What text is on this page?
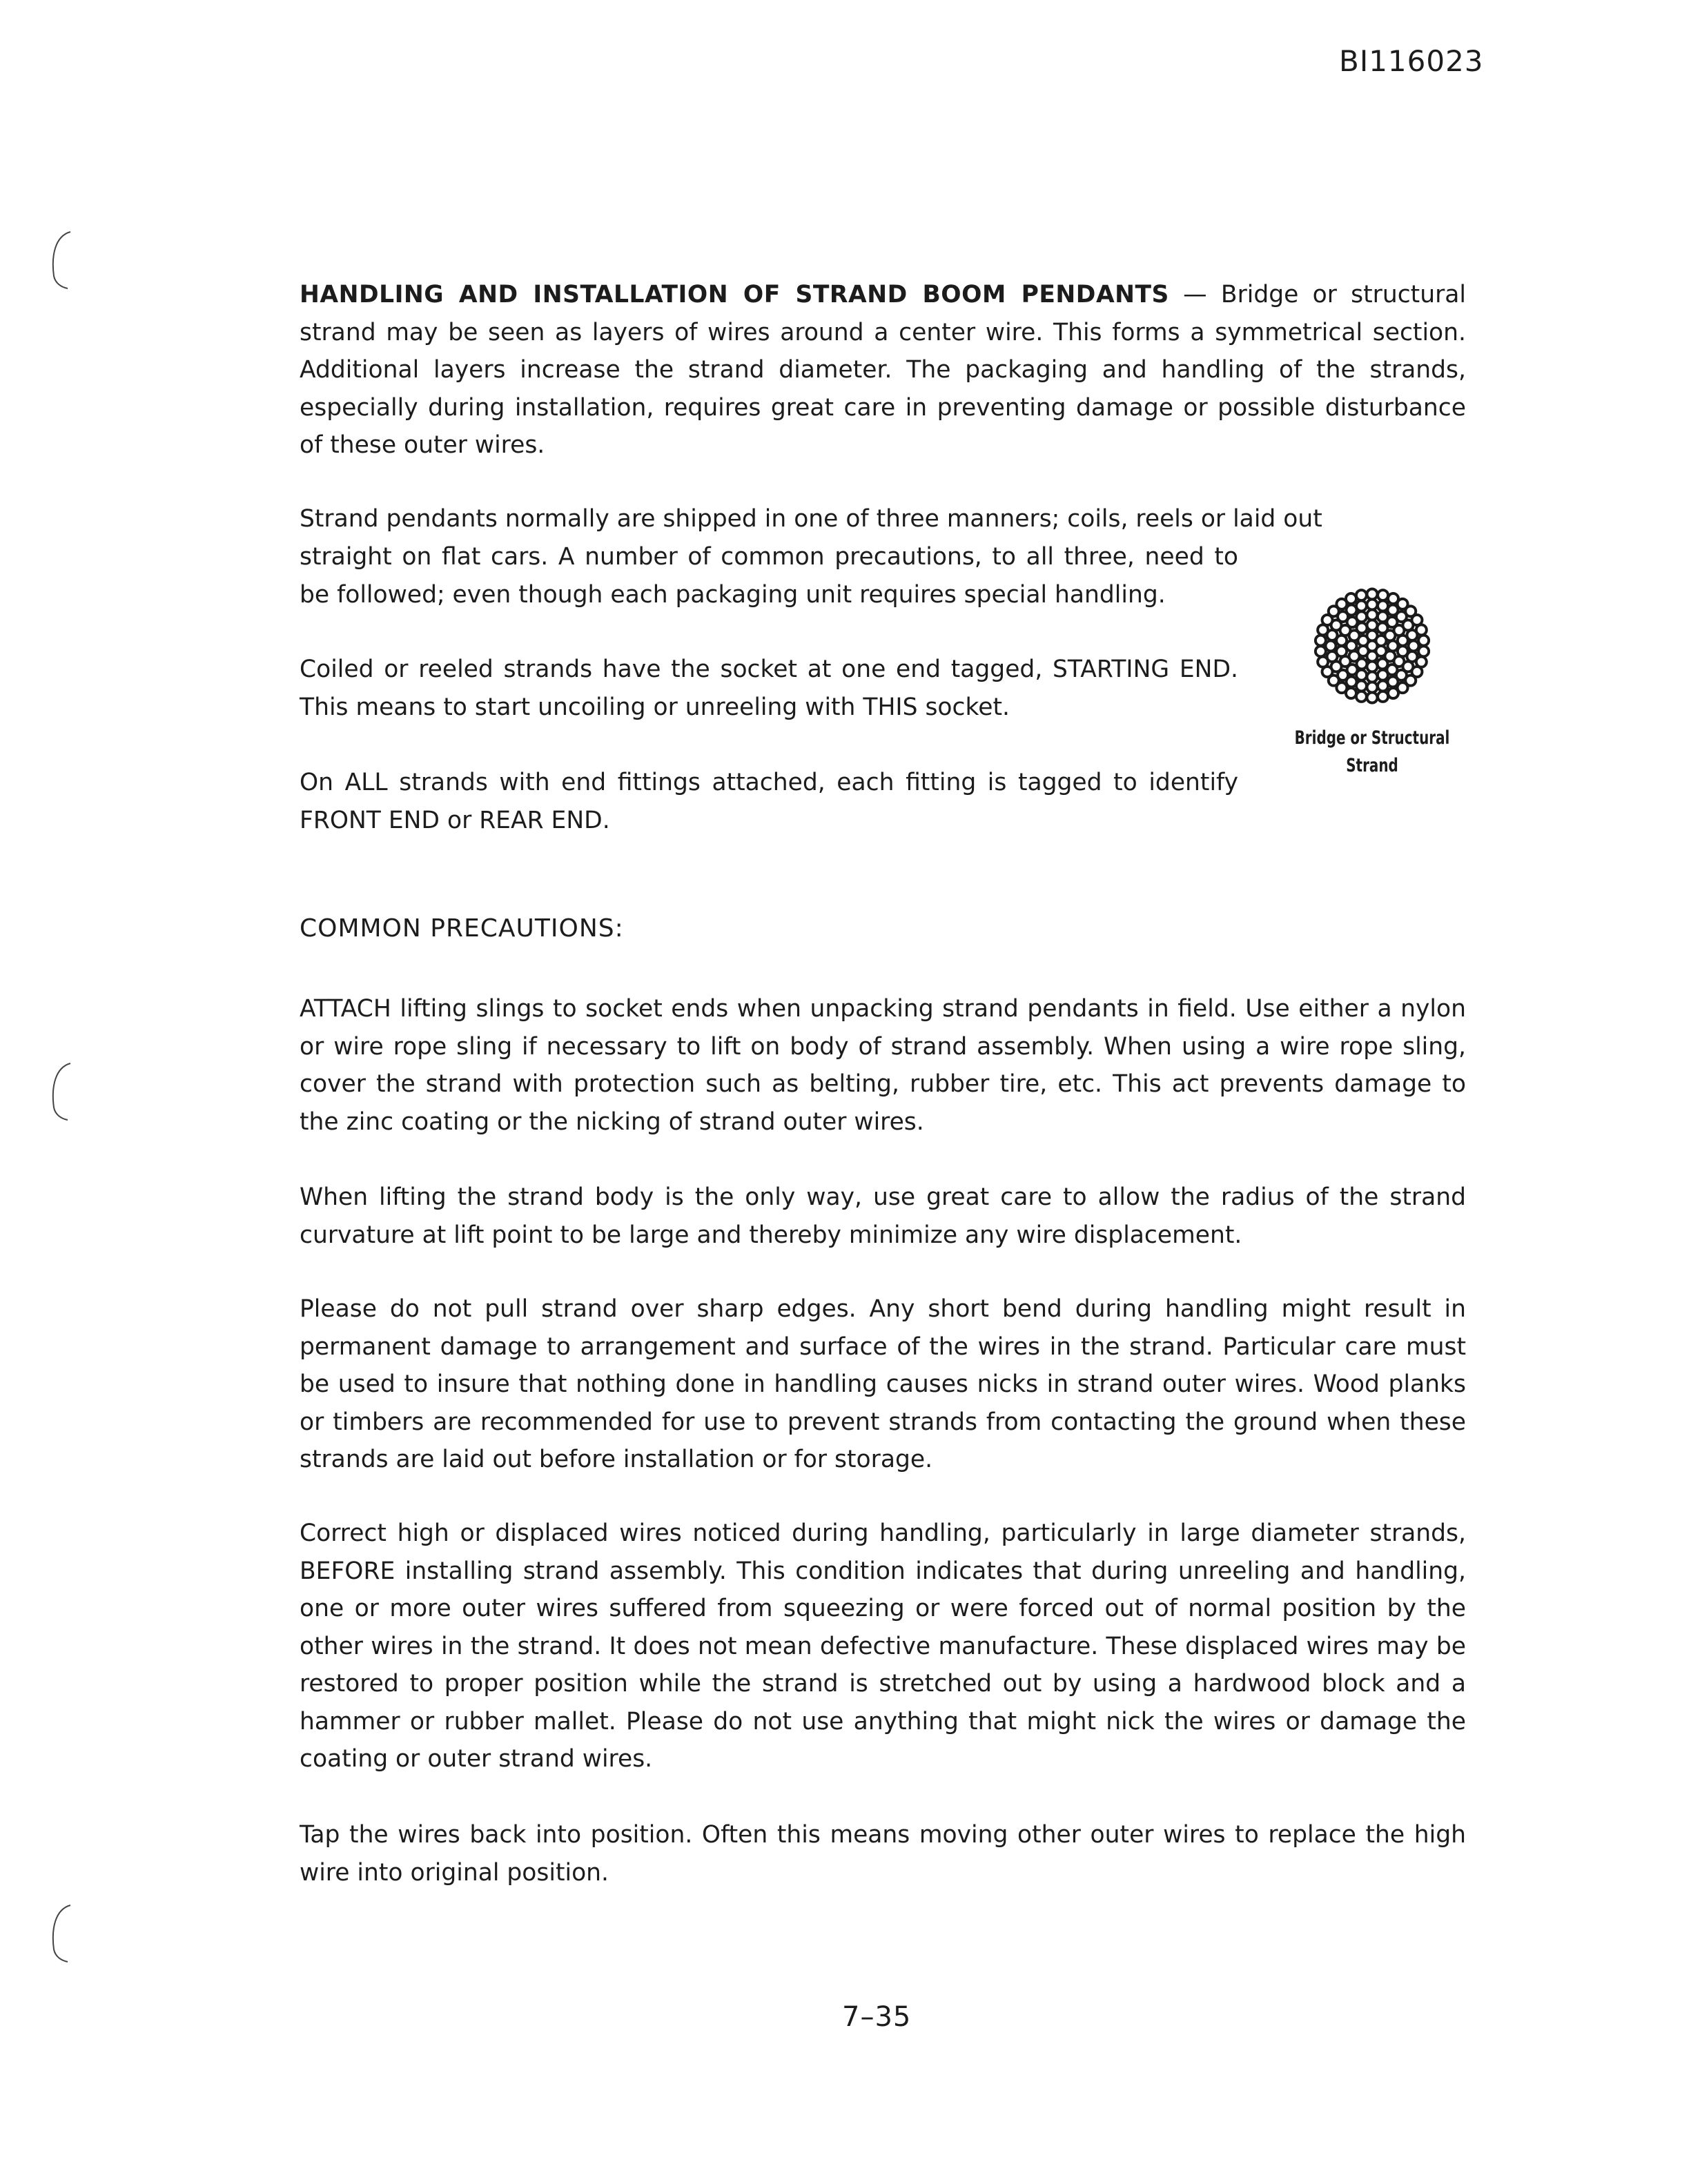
BI116023
HANDLING AND INSTALLATION OF STRAND BOOM PENDANTS — Bridge or structural strand may be seen as layers of wires around a center wire. This forms a symmetrical section. Additional layers increase the strand diameter. The packaging and handling of the strands, especially during installation, requires great care in preventing damage or possible disturbance of these outer wires.
Strand pendants normally are shipped in one of three manners; coils, reels or laid out
straight on flat cars. A number of common precautions, to all three, need to be followed; even though each packaging unit requires special handling.
Coiled or reeled strands have the socket at one end tagged, STARTING END. This means to start uncoiling or unreeling with THIS socket.
On ALL strands with end fittings attached, each fitting is tagged to identify FRONT END or REAR END.
Bridge or Structural
Strand
COMMON PRECAUTIONS:
ATTACH lifting slings to socket ends when unpacking strand pendants in field. Use either a nylon or wire rope sling if necessary to lift on body of strand assembly. When using a wire rope sling, cover the strand with protection such as belting, rubber tire, etc. This act prevents damage to the zinc coating or the nicking of strand outer wires.
When lifting the strand body is the only way, use great care to allow the radius of the strand curvature at lift point to be large and thereby minimize any wire displacement.
Please do not pull strand over sharp edges. Any short bend during handling might result in permanent damage to arrangement and surface of the wires in the strand. Particular care must be used to insure that nothing done in handling causes nicks in strand outer wires. Wood planks or timbers are recommended for use to prevent strands from contacting the ground when these strands are laid out before installation or for storage.
Correct high or displaced wires noticed during handling, particularly in large diameter strands, BEFORE installing strand assembly. This condition indicates that during unreeling and handling, one or more outer wires suffered from squeezing or were forced out of normal position by the other wires in the strand. It does not mean defective manufacture. These displaced wires may be restored to proper position while the strand is stretched out by using a hardwood block and a hammer or rubber mallet. Please do not use anything that might nick the wires or damage the coating or outer strand wires.
Tap the wires back into position. Often this means moving other outer wires to replace the high wire into original position.
7–35
